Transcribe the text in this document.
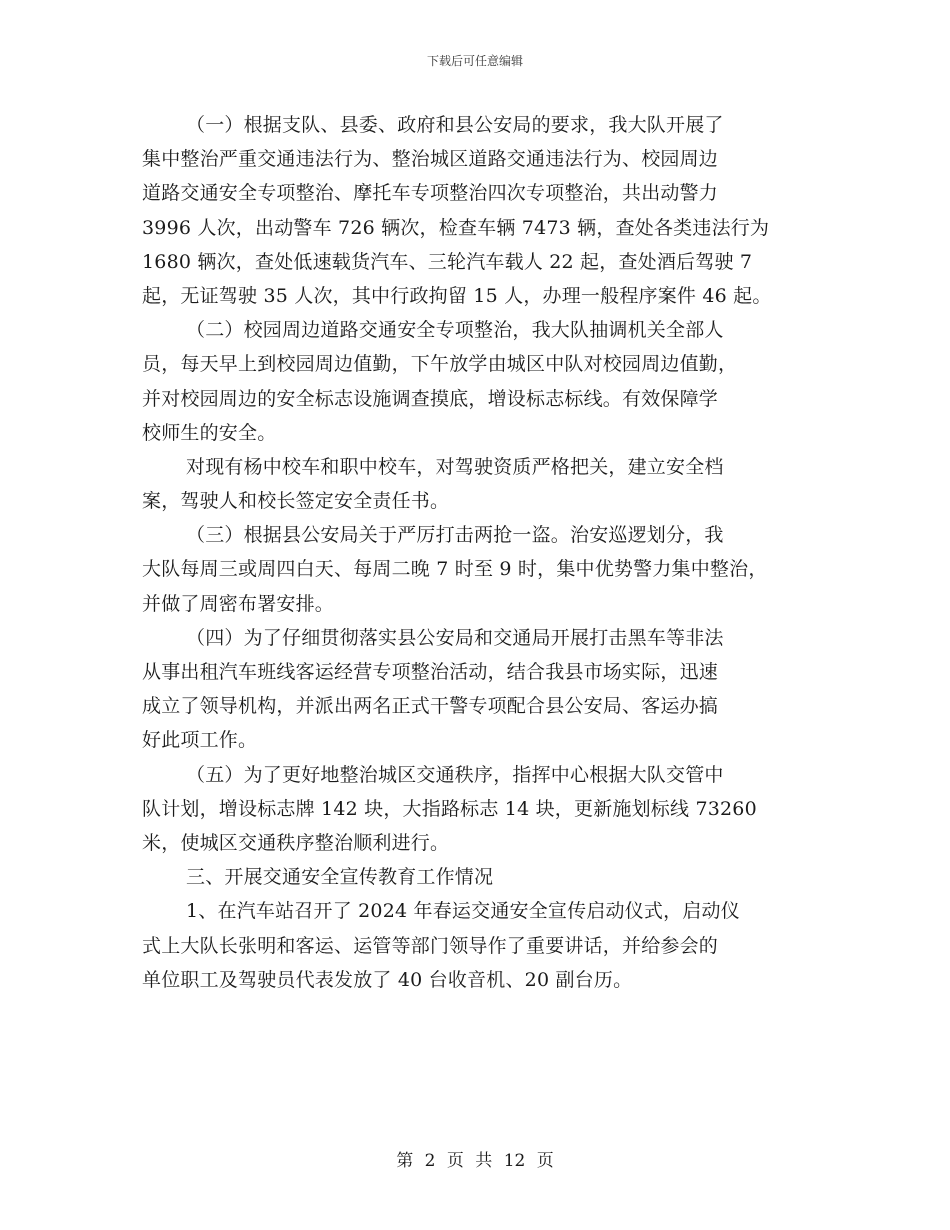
下载后可任意编辑
（一）根据支队、县委、政府和县公安局的要求，我大队开展了
集中整治严重交通违法行为、整治城区道路交通违法行为、校园周边
道路交通安全专项整治、摩托车专项整治四次专项整治，共出动警力
3996 人次，出动警车 726 辆次，检查车辆 7473 辆，查处各类违法行为
1680 辆次，查处低速载货汽车、三轮汽车载人 22 起，查处酒后驾驶 7
起，无证驾驶 35 人次，其中行政拘留 15 人，办理一般程序案件 46 起。
（二）校园周边道路交通安全专项整治，我大队抽调机关全部人
员，每天早上到校园周边值勤，下午放学由城区中队对校园周边值勤，
并对校园周边的安全标志设施调查摸底，增设标志标线。有效保障学
校师生的安全。
对现有杨中校车和职中校车，对驾驶资质严格把关，建立安全档
案，驾驶人和校长签定安全责任书。
（三）根据县公安局关于严厉打击两抢一盗。治安巡逻划分，我
大队每周三或周四白天、每周二晚 7 时至 9 时，集中优势警力集中整治，
并做了周密布署安排。
（四）为了仔细贯彻落实县公安局和交通局开展打击黑车等非法
从事出租汽车班线客运经营专项整治活动，结合我县市场实际，迅速
成立了领导机构，并派出两名正式干警专项配合县公安局、客运办搞
好此项工作。
（五）为了更好地整治城区交通秩序，指挥中心根据大队交管中
队计划，增设标志牌 142 块，大指路标志 14 块，更新施划标线 73260
米，使城区交通秩序整治顺利进行。
三、开展交通安全宣传教育工作情况
1、在汽车站召开了 2024 年春运交通安全宣传启动仪式，启动仪
式上大队长张明和客运、运管等部门领导作了重要讲话，并给参会的
单位职工及驾驶员代表发放了 40 台收音机、20 副台历。
第 2 页 共 12 页
